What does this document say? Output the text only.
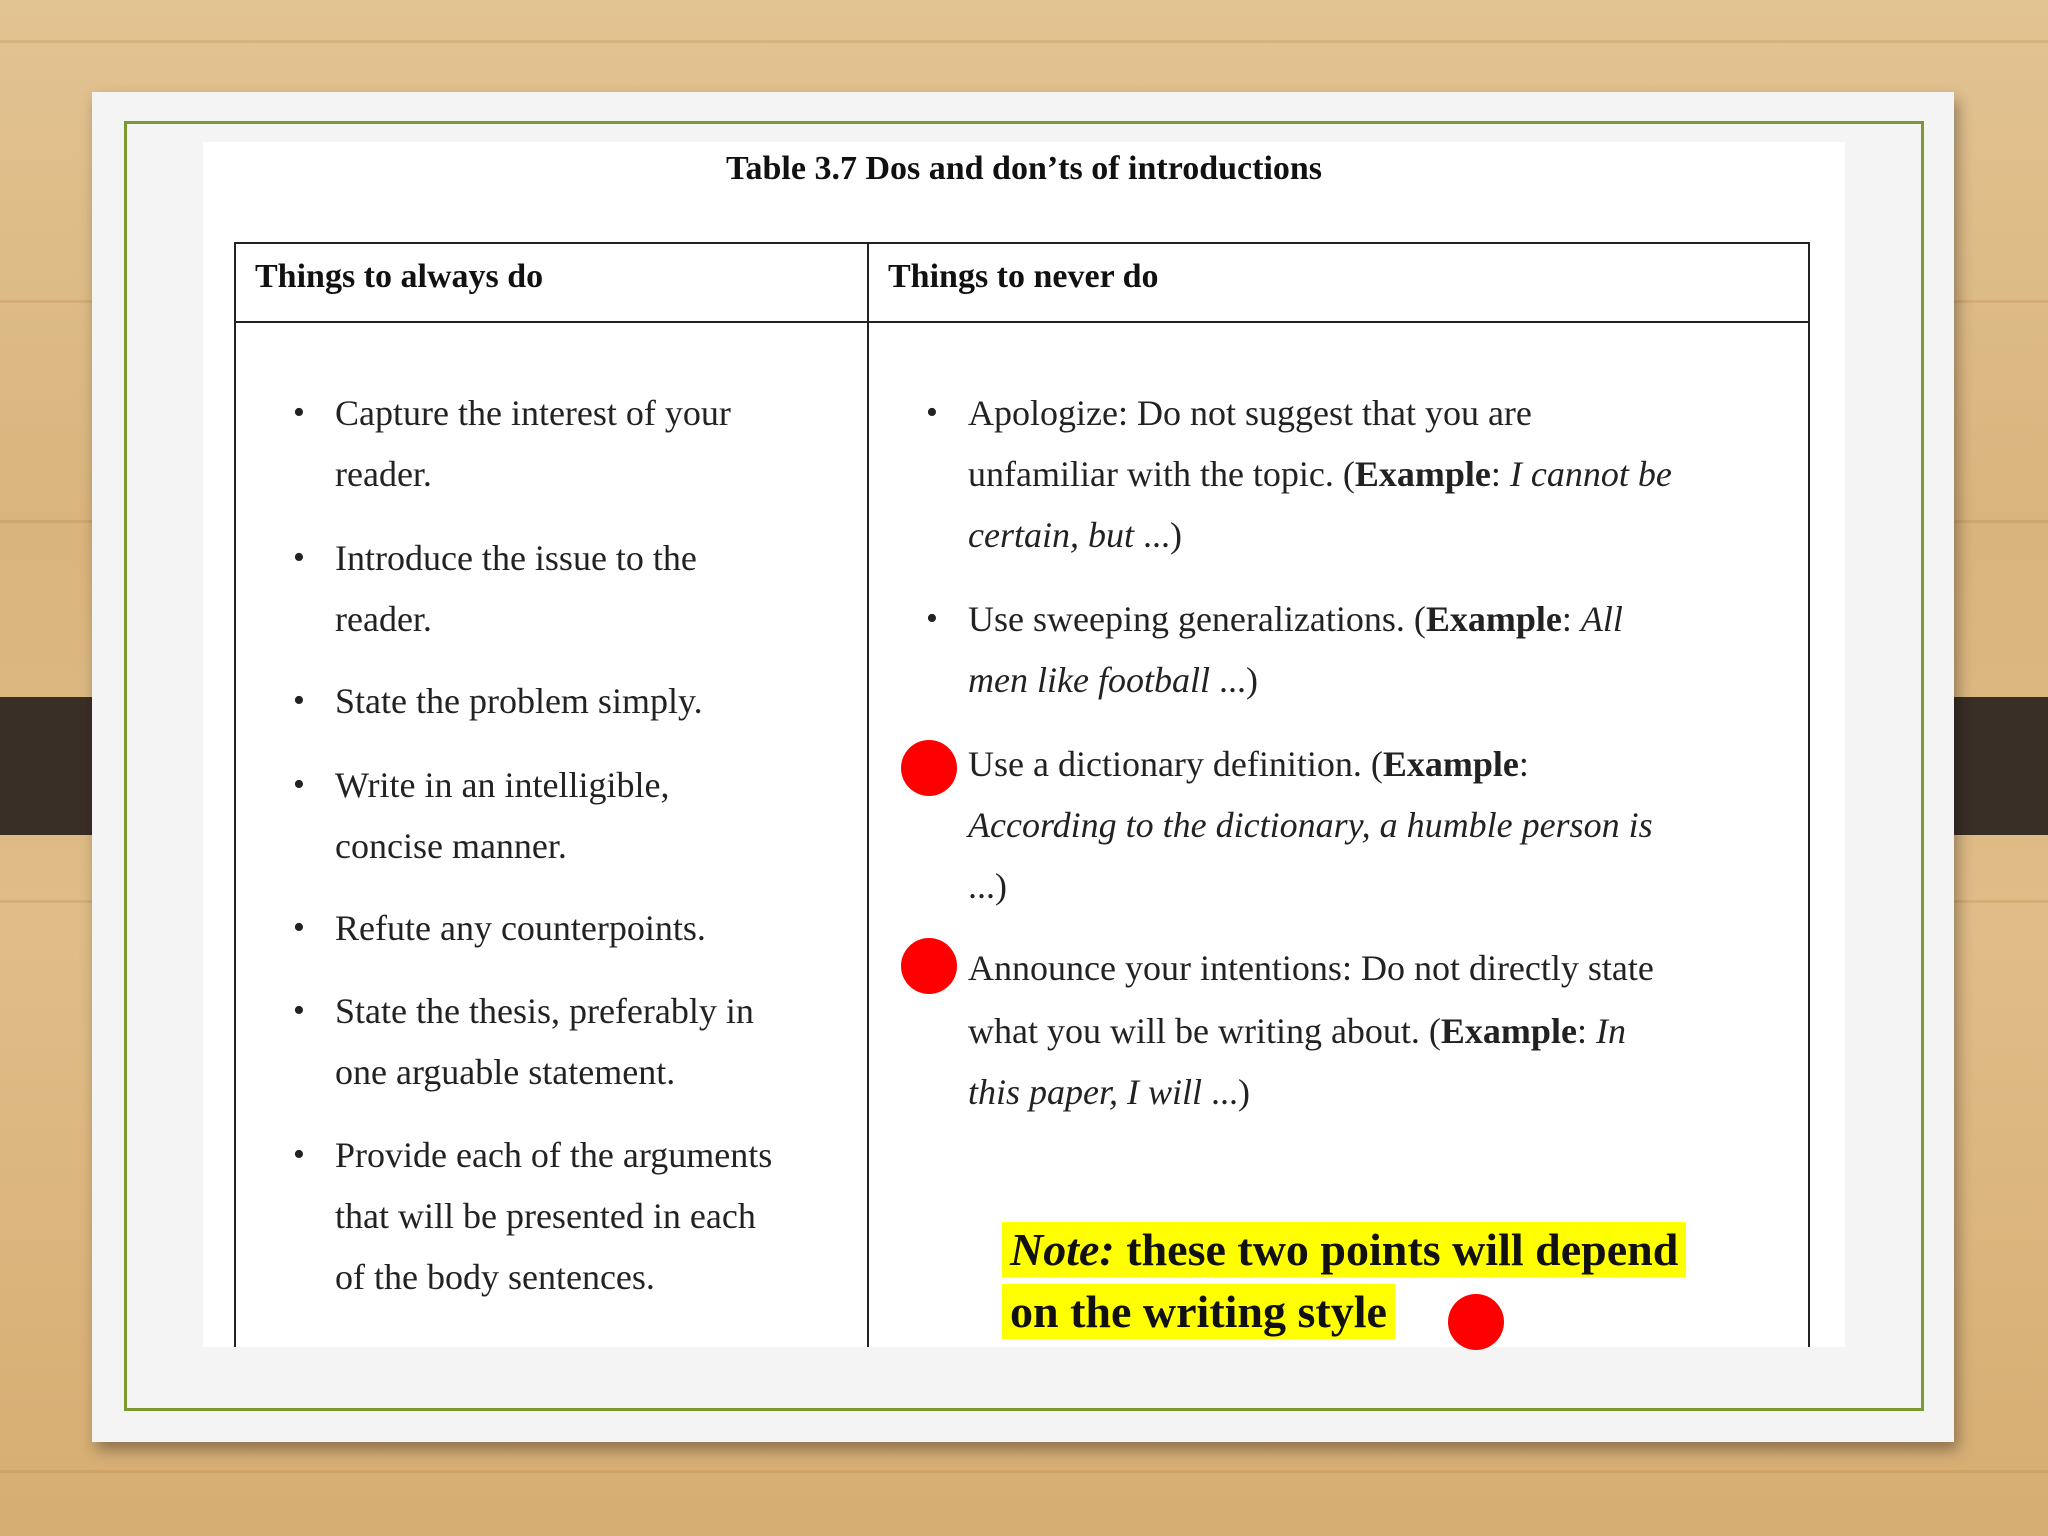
Table 3.7 Dos and don’ts of introductions
Things to always do	Things to never do
• Capture the interest of your
reader.
• Introduce the issue to the
reader.
• State the problem simply.
• Write in an intelligible,
concise manner.
• Refute any counterpoints.
• State the thesis, preferably in
one arguable statement.
• Provide each of the arguments
that will be presented in each
of the body sentences.
• Apologize: Do not suggest that you are
unfamiliar with the topic. (Example: I cannot be
certain, but ...)
• Use sweeping generalizations. (Example: All
men like football ...)
Use a dictionary definition. (Example:
According to the dictionary, a humble person is
...)
Announce your intentions: Do not directly state
what you will be writing about. (Example: In
this paper, I will ...)
Note: these two points will depend
on the writing style
